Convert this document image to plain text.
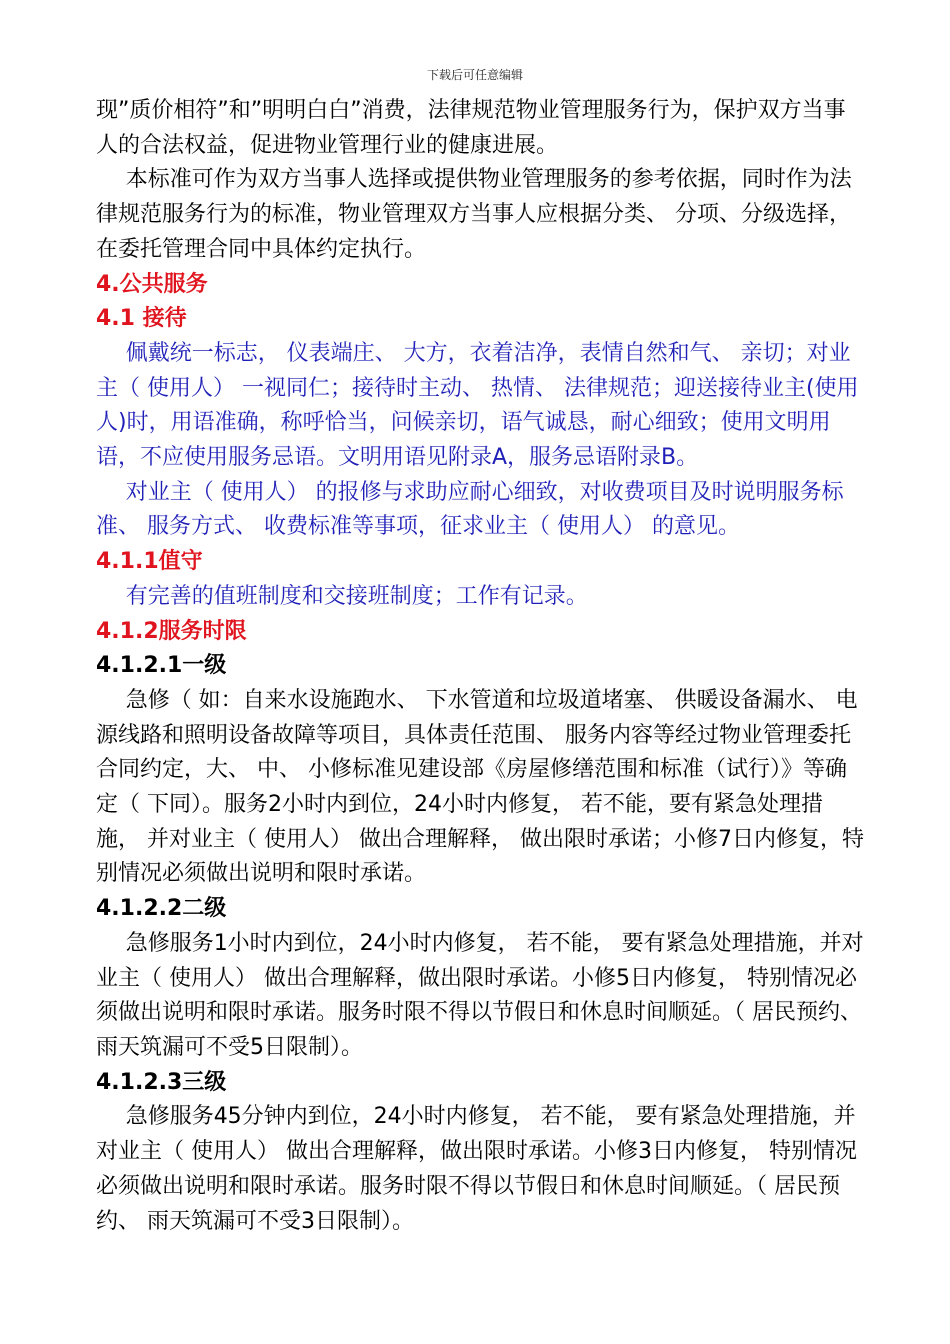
下载后可任意编辑

现”质价相符”和”明明白白”消费，法律规范物业管理服务行为，保护双方当事人的合法权益，促进物业管理行业的健康进展。

本标准可作为双方当事人选择或提供物业管理服务的参考依据，同时作为法律规范服务行为的标准，物业管理双方当事人应根据分类、 分项、分级选择，在委托管理合同中具体约定执行。

4.公共服务

4.1 接待

佩戴统一标志， 仪表端庄、 大方，衣着洁净，表情自然和气、 亲切；对业主（ 使用人） 一视同仁；接待时主动、 热情、 法律规范；迎送接待业主(使用人)时，用语准确，称呼恰当，问候亲切，语气诚恳，耐心细致；使用文明用语，不应使用服务忌语。文明用语见附录A，服务忌语附录B。

对业主（ 使用人） 的报修与求助应耐心细致，对收费项目及时说明服务标准、 服务方式、 收费标准等事项，征求业主（ 使用人） 的意见。

4.1.1值守

有完善的值班制度和交接班制度；工作有记录。

4.1.2服务时限

4.1.2.1一级

急修（ 如：自来水设施跑水、 下水管道和垃圾道堵塞、 供暖设备漏水、 电源线路和照明设备故障等项目，具体责任范围、 服务内容等经过物业管理委托合同约定，大、 中、 小修标准见建设部《房屋修缮范围和标准（试行）》等确定（ 下同）。服务2小时内到位，24小时内修复， 若不能，要有紧急处理措施， 并对业主（ 使用人） 做出合理解释， 做出限时承诺；小修7日内修复，特别情况必须做出说明和限时承诺。

4.1.2.2二级

急修服务1小时内到位，24小时内修复， 若不能， 要有紧急处理措施，并对业主（ 使用人） 做出合理解释，做出限时承诺。小修5日内修复， 特别情况必须做出说明和限时承诺。服务时限不得以节假日和休息时间顺延。（ 居民预约、 雨天筑漏可不受5日限制）。

4.1.2.3三级

急修服务45分钟内到位，24小时内修复， 若不能， 要有紧急处理措施，并对业主（ 使用人） 做出合理解释，做出限时承诺。小修3日内修复， 特别情况必须做出说明和限时承诺。服务时限不得以节假日和休息时间顺延。（ 居民预约、 雨天筑漏可不受3日限制）。
